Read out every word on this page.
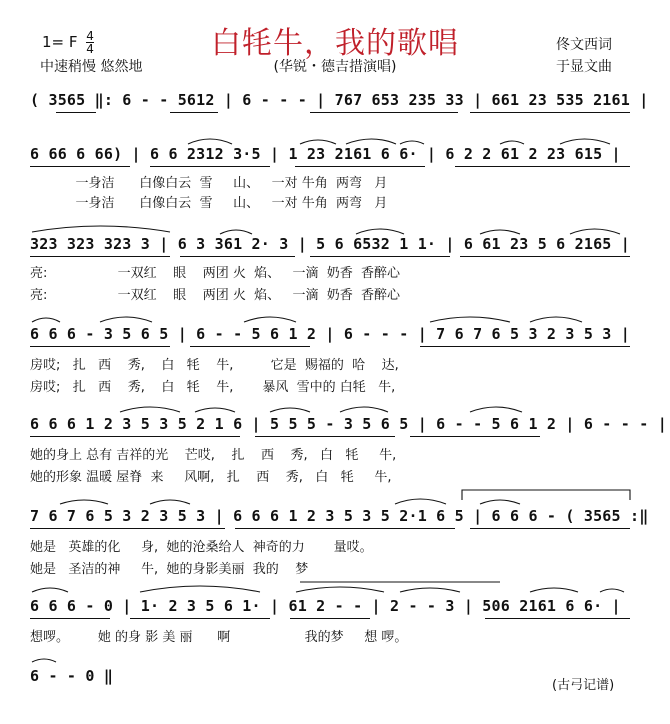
1= F $\frac{4}{4}$
中速稍慢 悠然地
白牦牛，我的歌唱
(华锐・德吉措演唱)
佟文西词
于显文曲
( 3565 ‖: 6 - - 5612 | 6 - - - | 767 653 235 33 | 661 23 535 2161 |
6 66 6 66) | 6 6 2312 3·5 | 1 23 2161 6 6· | 6 2 2 61 2 23 615 |
一身洁      白像白云  雪     山、   一对 牛角  两弯   月
一身洁      白像白云  雪     山、   一对 牛角  两弯   月
323 323 323 3 | 6 3 361 2· 3 | 5 6 6532 1 1· | 6 61 23 5 6 2165 |
亮:                 一双红    眼    两团 火  焰、   一滴  奶香  香醉心
亮:                 一双红    眼    两团 火  焰、   一滴  奶香  香醉心
6 6 6 - 3 5 6 5 | 6 - - 5 6 1 2 | 6 - - - | 7 6 7 6 5 3 2 3 5 3 |
房哎;   扎   西    秀,    白   牦    牛,         它是  赐福的  哈    达,
房哎;   扎   西    秀,    白   牦    牛,       暴风  雪中的 白牦   牛,
6 6 6 1 2 3 5 3 5 2 1 6 | 5 5 5 - 3 5 6 5 | 6 - - 5 6 1 2 | 6 - - - |
她的身上 总有 吉祥的光    芒哎,    扎    西    秀,   白   牦     牛,
她的形象 温暖 屋脊  来     风啊,   扎    西    秀,   白   牦     牛,
7 6 7 6 5 3 2 3 5 3 | 6 6 6 1 2 3 5 3 5 2·1 6 5 | 6 6 6 - ( 3565 :‖
她是   英雄的化     身,  她的沧桑给人  神奇的力       量哎。
她是   圣洁的神     牛,  她的身影美丽  我的    梦
6 6 6 - 0 | 1· 2 3 5 6 1· | 61 2 - - | 2 - - 3 | 506 2161 6 6· |
想啰。       她 的身 影 美 丽      啊                  我的梦     想 啰。
6 - - 0 ‖
(古弓记谱)
